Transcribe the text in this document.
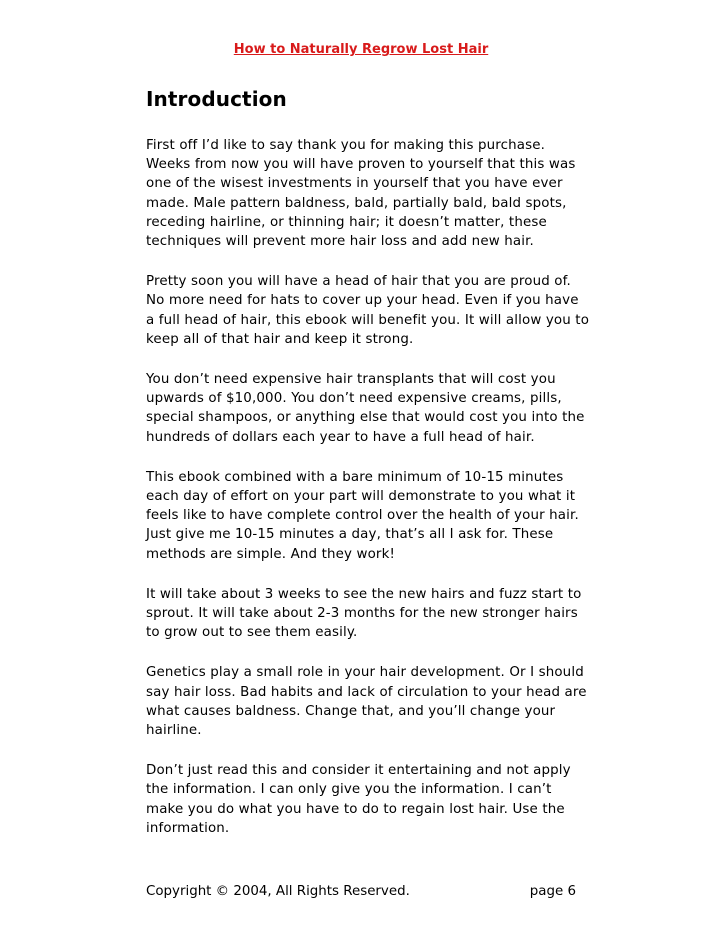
How to Naturally Regrow Lost Hair
Introduction

First off I’d like to say thank you for making this purchase. Weeks from now you will have proven to yourself that this was one of the wisest investments in yourself that you have ever made. Male pattern baldness, bald, partially bald, bald spots, receding hairline, or thinning hair; it doesn’t matter, these techniques will prevent more hair loss and add new hair.

Pretty soon you will have a head of hair that you are proud of. No more need for hats to cover up your head. Even if you have a full head of hair, this ebook will benefit you. It will allow you to keep all of that hair and keep it strong.

You don’t need expensive hair transplants that will cost you upwards of $10,000. You don’t need expensive creams, pills, special shampoos, or anything else that would cost you into the hundreds of dollars each year to have a full head of hair.

This ebook combined with a bare minimum of 10-15 minutes each day of effort on your part will demonstrate to you what it feels like to have complete control over the health of your hair. Just give me 10-15 minutes a day, that’s all I ask for. These methods are simple. And they work!

It will take about 3 weeks to see the new hairs and fuzz start to sprout. It will take about 2-3 months for the new stronger hairs to grow out to see them easily.

Genetics play a small role in your hair development. Or I should say hair loss. Bad habits and lack of circulation to your head are what causes baldness. Change that, and you’ll change your hairline.

Don’t just read this and consider it entertaining and not apply the information. I can only give you the information. I can’t make you do what you have to do to regain lost hair. Use the information.

Copyright © 2004, All Rights Reserved.	page 6
